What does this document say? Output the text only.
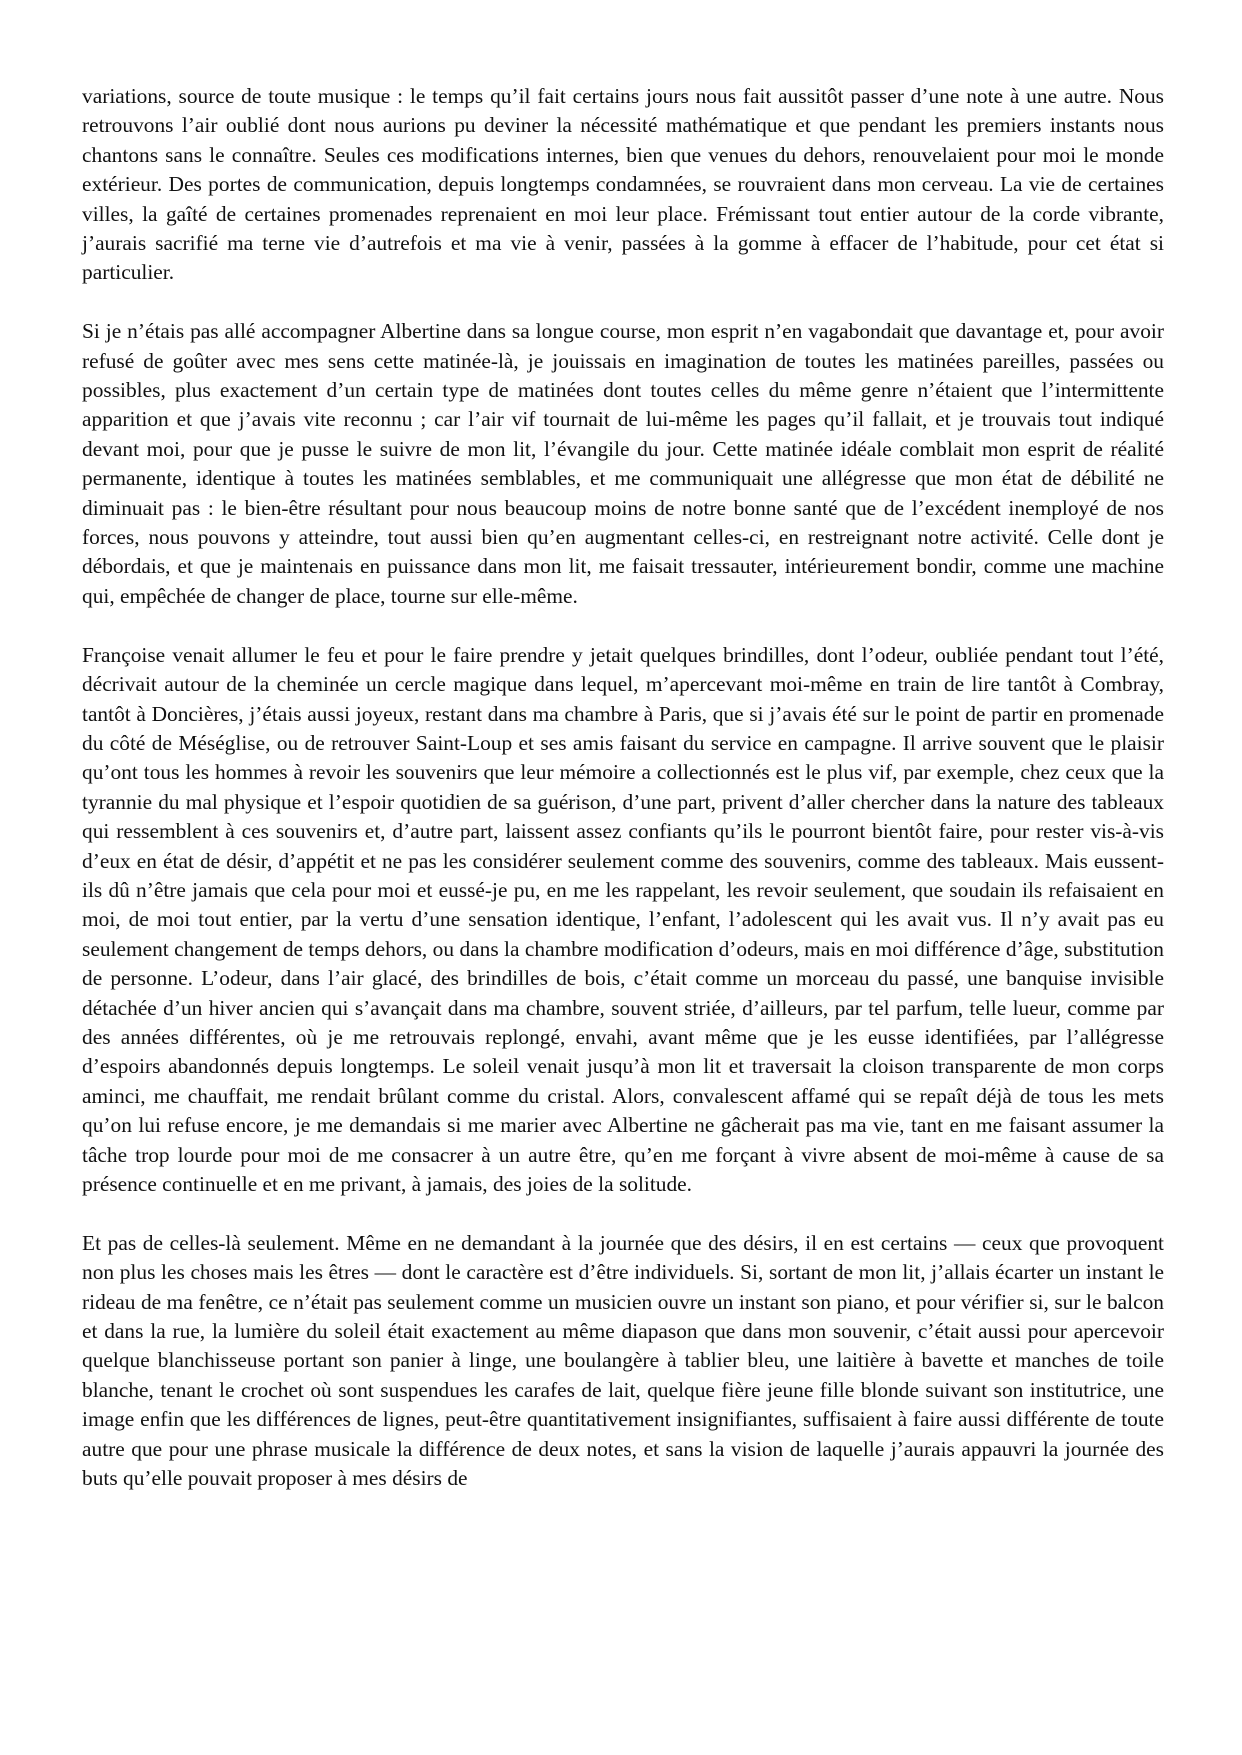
variations, source de toute musique : le temps qu’il fait certains jours nous fait aussitôt passer d’une note à une autre. Nous retrouvons l’air oublié dont nous aurions pu deviner la nécessité mathématique et que pendant les premiers instants nous chantons sans le connaître. Seules ces modifications internes, bien que venues du dehors, renouvelaient pour moi le monde extérieur. Des portes de communication, depuis longtemps condamnées, se rouvraient dans mon cerveau. La vie de certaines villes, la gaîté de certaines promenades reprenaient en moi leur place. Frémissant tout entier autour de la corde vibrante, j’aurais sacrifié ma terne vie d’autrefois et ma vie à venir, passées à la gomme à effacer de l’habitude, pour cet état si particulier.

Si je n’étais pas allé accompagner Albertine dans sa longue course, mon esprit n’en vagabondait que davantage et, pour avoir refusé de goûter avec mes sens cette matinée-là, je jouissais en imagination de toutes les matinées pareilles, passées ou possibles, plus exactement d’un certain type de matinées dont toutes celles du même genre n’étaient que l’intermittente apparition et que j’avais vite reconnu ; car l’air vif tournait de lui-même les pages qu’il fallait, et je trouvais tout indiqué devant moi, pour que je pusse le suivre de mon lit, l’évangile du jour. Cette matinée idéale comblait mon esprit de réalité permanente, identique à toutes les matinées semblables, et me communiquait une allégresse que mon état de débilité ne diminuait pas : le bien-être résultant pour nous beaucoup moins de notre bonne santé que de l’excédent inemployé de nos forces, nous pouvons y atteindre, tout aussi bien qu’en augmentant celles-ci, en restreignant notre activité. Celle dont je débordais, et que je maintenais en puissance dans mon lit, me faisait tressauter, intérieurement bondir, comme une machine qui, empêchée de changer de place, tourne sur elle-même.

Françoise venait allumer le feu et pour le faire prendre y jetait quelques brindilles, dont l’odeur, oubliée pendant tout l’été, décrivait autour de la cheminée un cercle magique dans lequel, m’apercevant moi-même en train de lire tantôt à Combray, tantôt à Doncières, j’étais aussi joyeux, restant dans ma chambre à Paris, que si j’avais été sur le point de partir en promenade du côté de Méséglise, ou de retrouver Saint-Loup et ses amis faisant du service en campagne. Il arrive souvent que le plaisir qu’ont tous les hommes à revoir les souvenirs que leur mémoire a collectionnés est le plus vif, par exemple, chez ceux que la tyrannie du mal physique et l’espoir quotidien de sa guérison, d’une part, privent d’aller chercher dans la nature des tableaux qui ressemblent à ces souvenirs et, d’autre part, laissent assez confiants qu’ils le pourront bientôt faire, pour rester vis-à-vis d’eux en état de désir, d’appétit et ne pas les considérer seulement comme des souvenirs, comme des tableaux. Mais eussent-ils dû n’être jamais que cela pour moi et eussé-je pu, en me les rappelant, les revoir seulement, que soudain ils refaisaient en moi, de moi tout entier, par la vertu d’une sensation identique, l’enfant, l’adolescent qui les avait vus. Il n’y avait pas eu seulement changement de temps dehors, ou dans la chambre modification d’odeurs, mais en moi différence d’âge, substitution de personne. L’odeur, dans l’air glacé, des brindilles de bois, c’était comme un morceau du passé, une banquise invisible détachée d’un hiver ancien qui s’avançait dans ma chambre, souvent striée, d’ailleurs, par tel parfum, telle lueur, comme par des années différentes, où je me retrouvais replongé, envahi, avant même que je les eusse identifiées, par l’allégresse d’espoirs abandonnés depuis longtemps. Le soleil venait jusqu’à mon lit et traversait la cloison transparente de mon corps aminci, me chauffait, me rendait brûlant comme du cristal. Alors, convalescent affamé qui se repaît déjà de tous les mets qu’on lui refuse encore, je me demandais si me marier avec Albertine ne gâcherait pas ma vie, tant en me faisant assumer la tâche trop lourde pour moi de me consacrer à un autre être, qu’en me forçant à vivre absent de moi-même à cause de sa présence continuelle et en me privant, à jamais, des joies de la solitude.

Et pas de celles-là seulement. Même en ne demandant à la journée que des désirs, il en est certains — ceux que provoquent non plus les choses mais les êtres — dont le caractère est d’être individuels. Si, sortant de mon lit, j’allais écarter un instant le rideau de ma fenêtre, ce n’était pas seulement comme un musicien ouvre un instant son piano, et pour vérifier si, sur le balcon et dans la rue, la lumière du soleil était exactement au même diapason que dans mon souvenir, c’était aussi pour apercevoir quelque blanchisseuse portant son panier à linge, une boulangère à tablier bleu, une laitière à bavette et manches de toile blanche, tenant le crochet où sont suspendues les carafes de lait, quelque fière jeune fille blonde suivant son institutrice, une image enfin que les différences de lignes, peut-être quantitativement insignifiantes, suffisaient à faire aussi différente de toute autre que pour une phrase musicale la différence de deux notes, et sans la vision de laquelle j’aurais appauvri la journée des buts qu’elle pouvait proposer à mes désirs de
